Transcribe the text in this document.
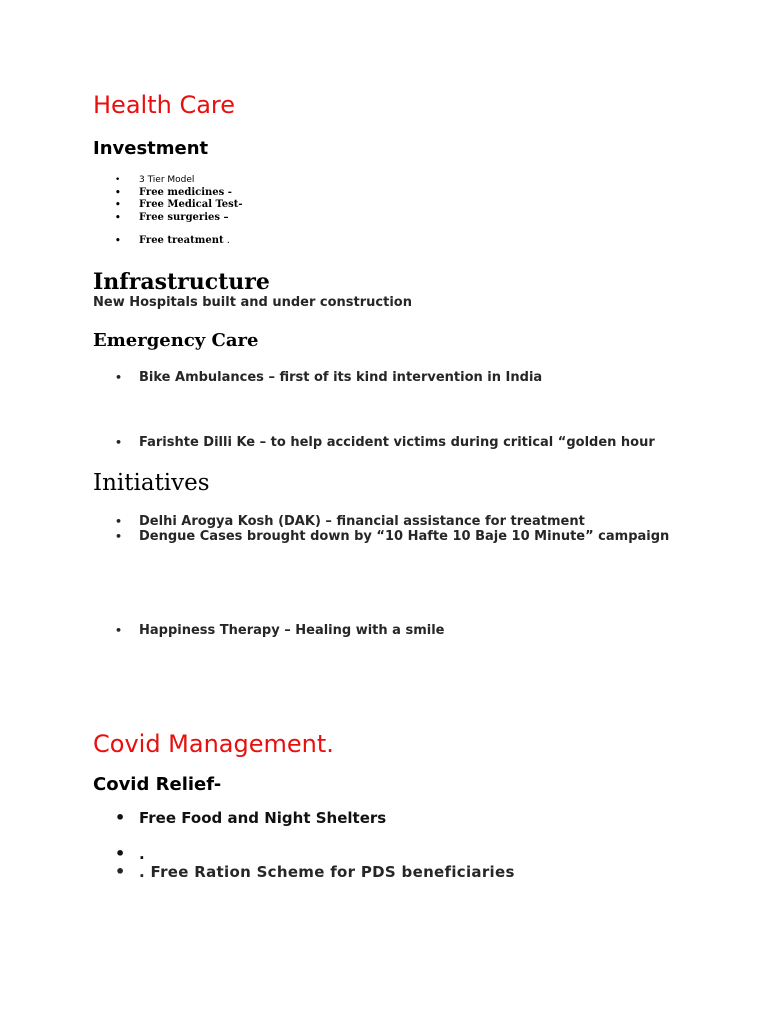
Health Care
Investment
• 3 Tier Model
• Free medicines -
• Free Medical Test-
• Free surgeries –
• Free treatment .
Infrastructure

New Hospitals built and under construction

Emergency Care
• Bike Ambulances – first of its kind intervention in India
• Farishte Dilli Ke – to help accident victims during critical “golden hour
Initiatives
• Delhi Arogya Kosh (DAK) – financial assistance for treatment
• Dengue Cases brought down by “10 Hafte 10 Baje 10 Minute” campaign
• Happiness Therapy – Healing with a smile
Covid Management.
Covid Relief-
• Free Food and Night Shelters
• .
• . Free Ration Scheme for PDS beneficiaries
